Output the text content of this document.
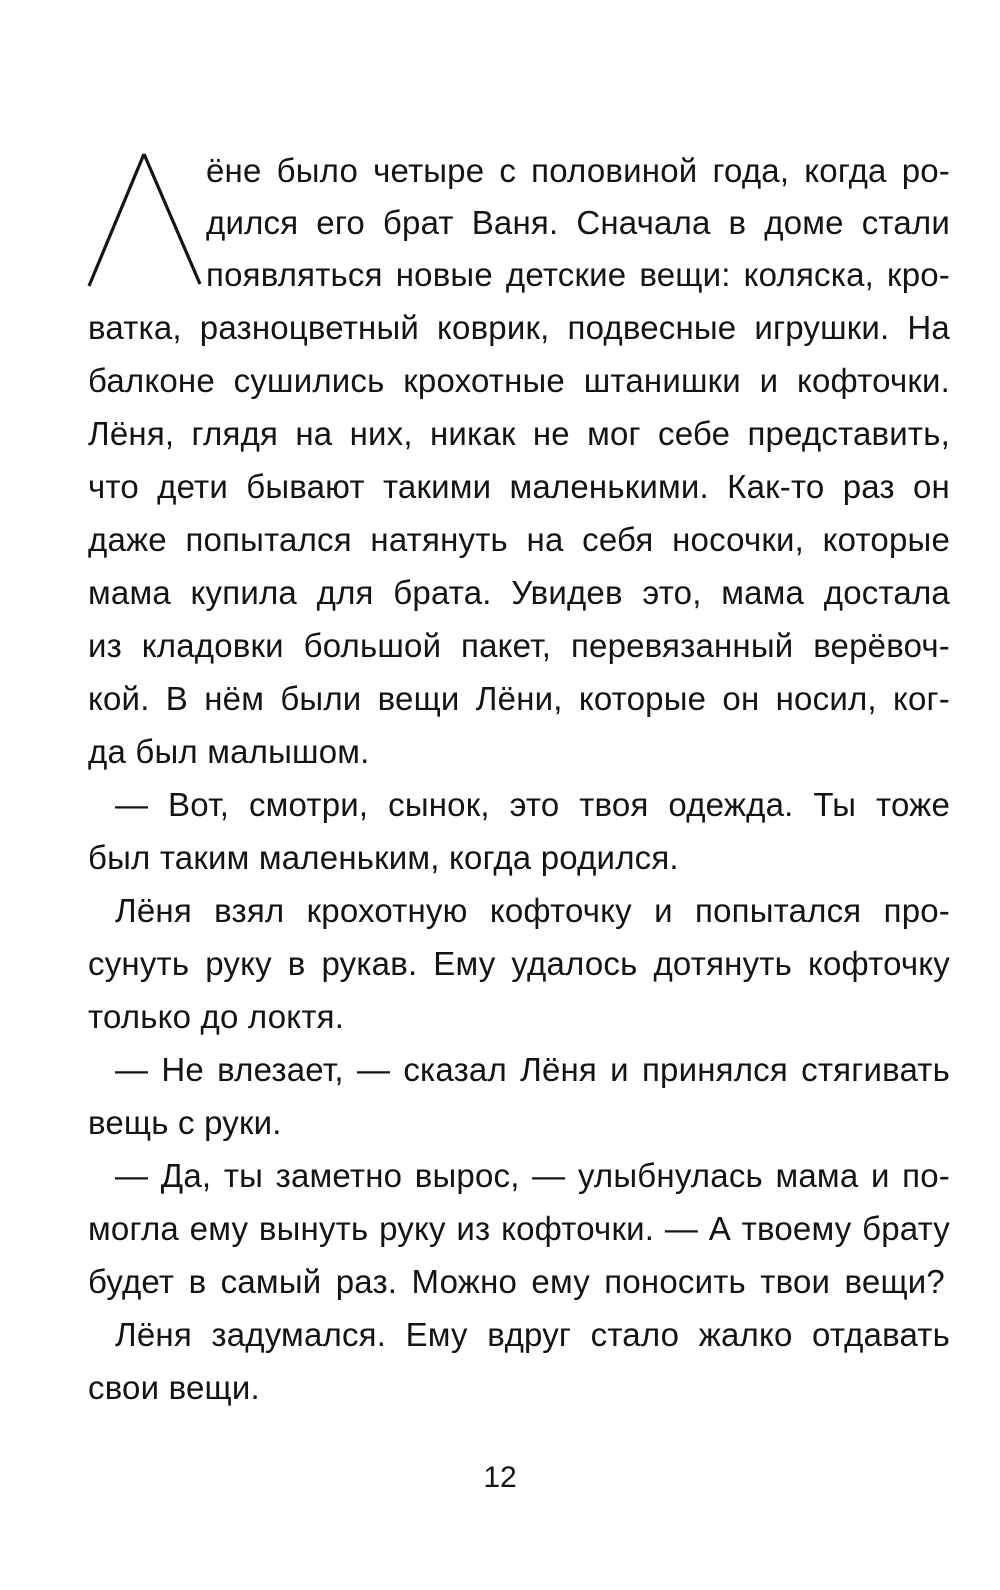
ёне было четыре с половиной года, когда ро-
дился его брат Ваня. Сначала в доме стали
появляться новые детские вещи: коляска, кро-
ватка, разноцветный коврик, подвесные игрушки. На
балконе сушились крохотные штанишки и кофточки.
Лёня, глядя на них, никак не мог себе представить,
что дети бывают такими маленькими. Как-то раз он
даже попытался натянуть на себя носочки, которые
мама купила для брата. Увидев это, мама достала
из кладовки большой пакет, перевязанный верёвоч-
кой. В нём были вещи Лёни, которые он носил, ког-
да был малышом.
— Вот, смотри, сынок, это твоя одежда. Ты тоже
был таким маленьким, когда родился.
Лёня взял крохотную кофточку и попытался про-
сунуть руку в рукав. Ему удалось дотянуть кофточку
только до локтя.
— Не влезает, — сказал Лёня и принялся стягивать
вещь с руки.
— Да, ты заметно вырос, — улыбнулась мама и по-
могла ему вынуть руку из кофточки. — А твоему брату
будет в самый раз. Можно ему поносить твои вещи?
Лёня задумался. Ему вдруг стало жалко отдавать
свои вещи.
12
